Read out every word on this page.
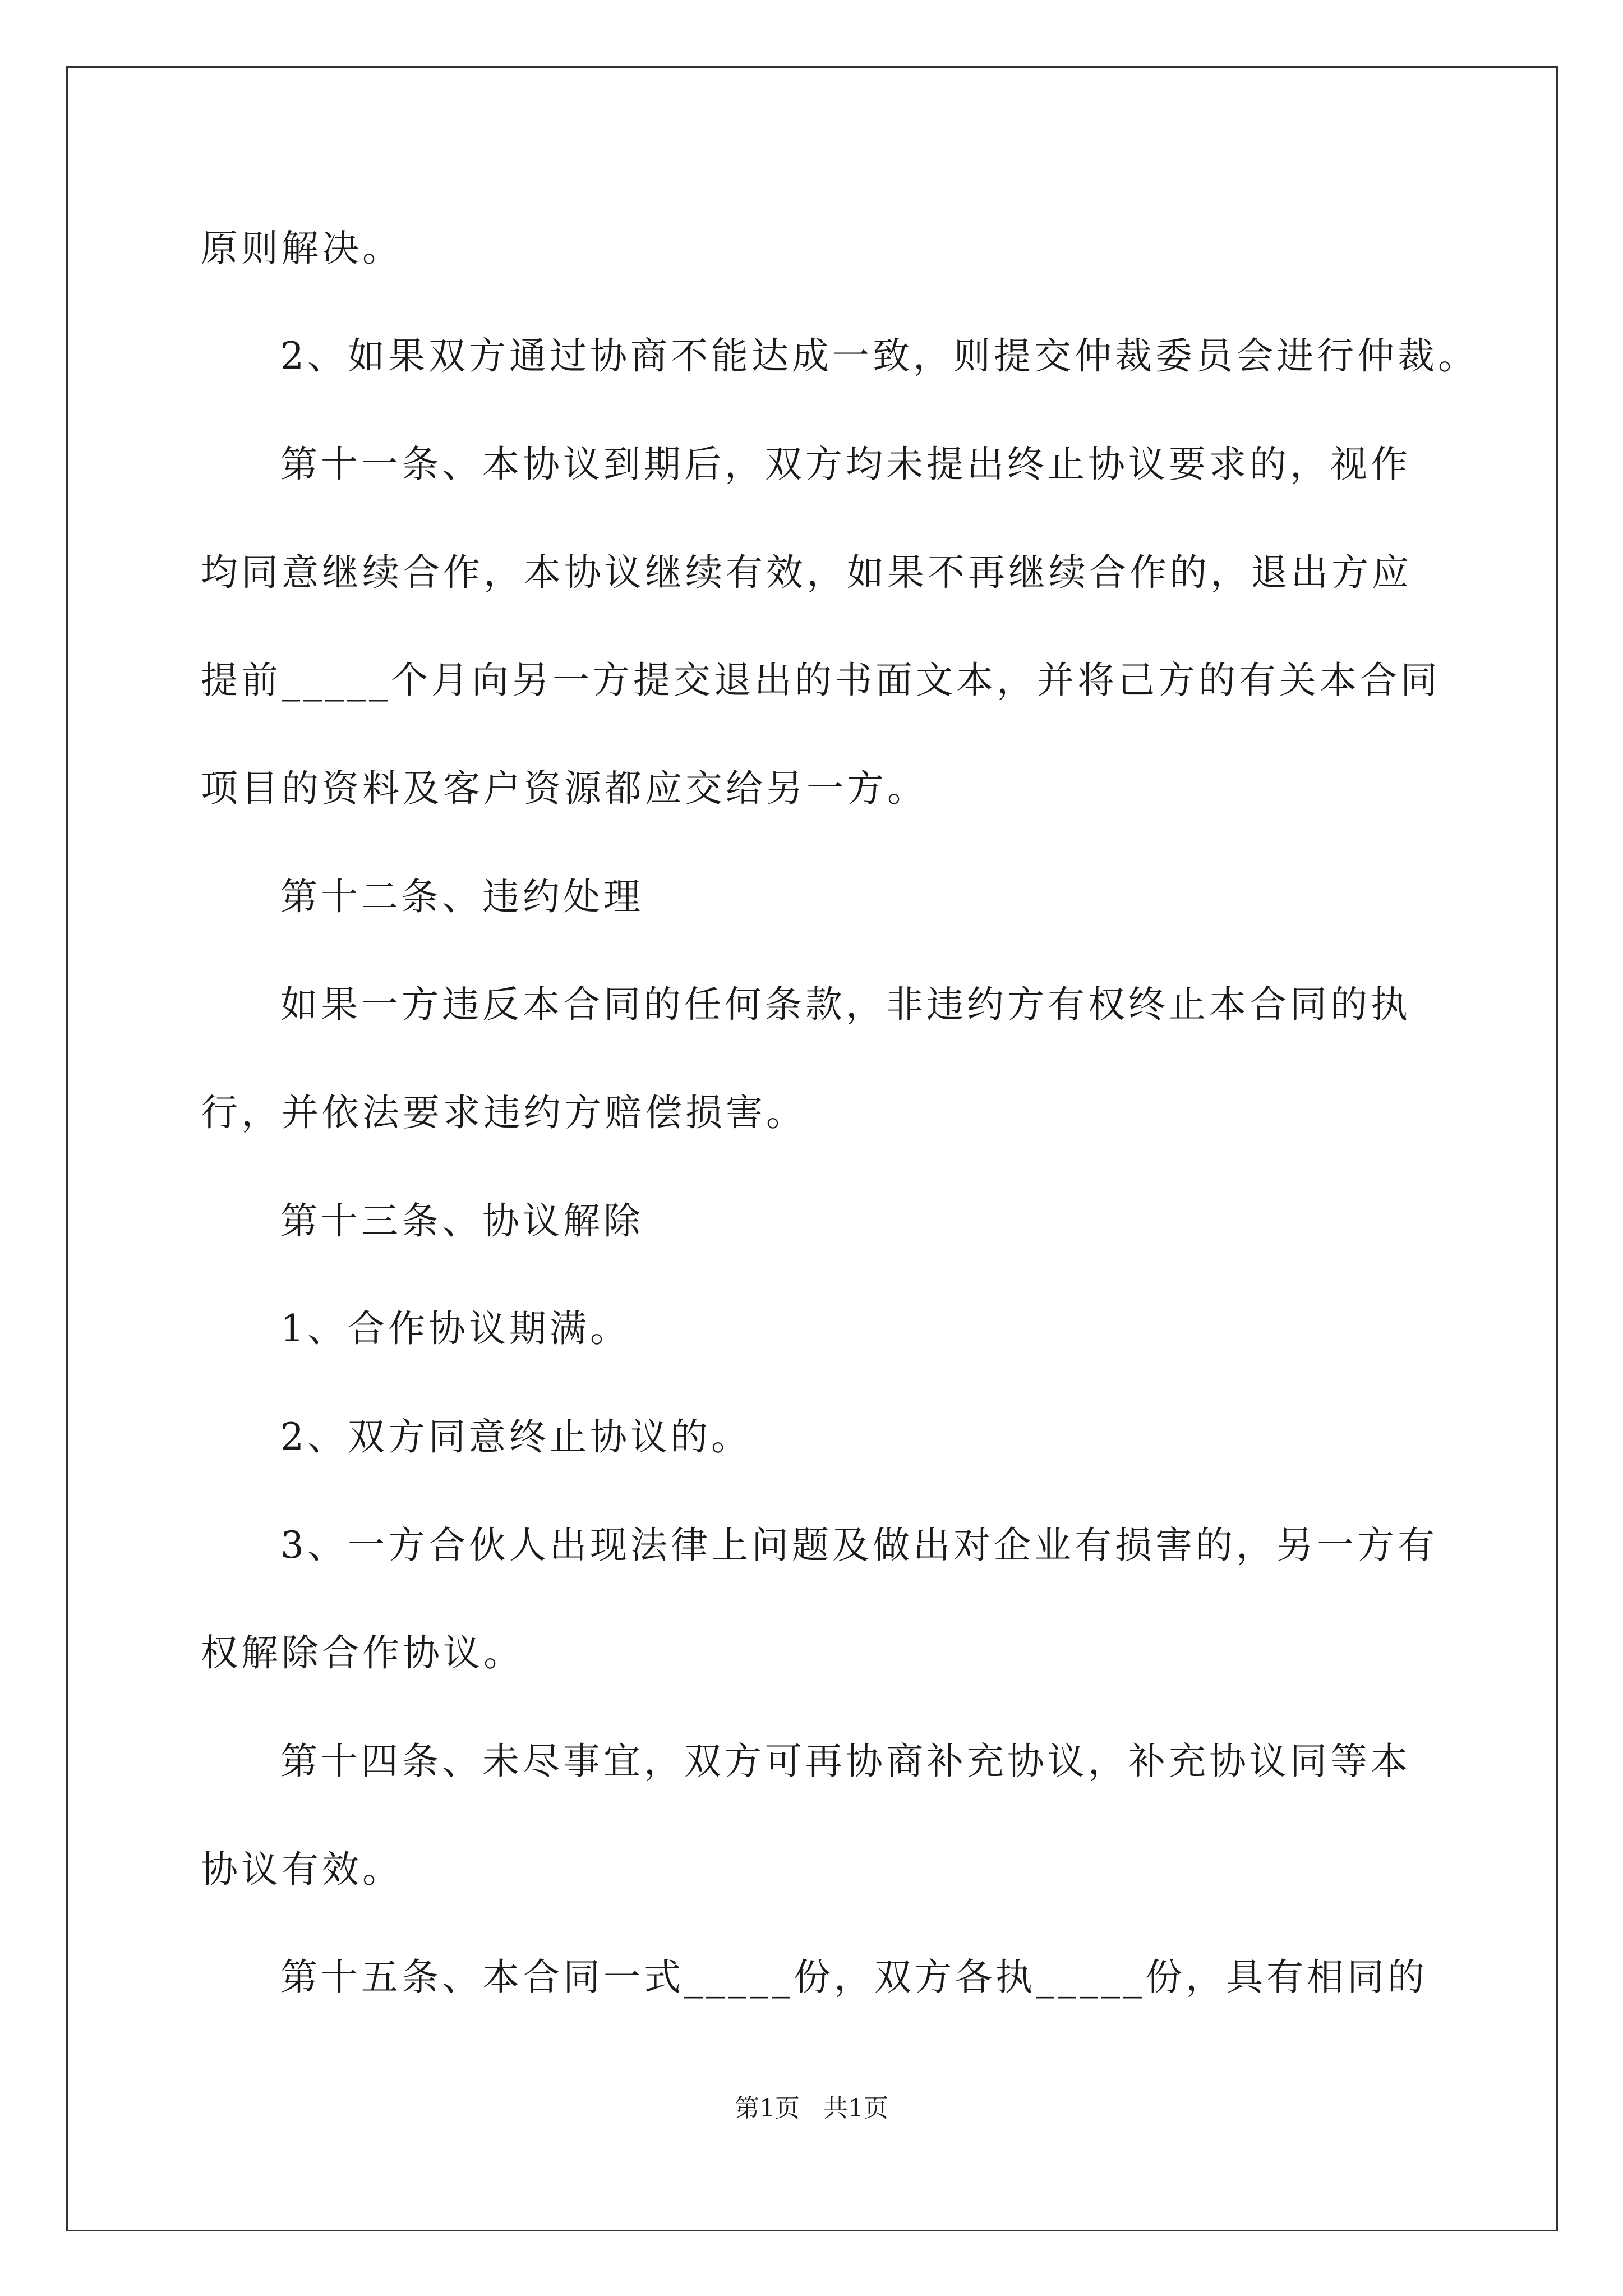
原则解决。

2、如果双方通过协商不能达成一致，则提交仲裁委员会进行仲裁。

第十一条、本协议到期后，双方均未提出终止协议要求的，视作

均同意继续合作，本协议继续有效，如果不再继续合作的，退出方应

提前_____个月向另一方提交退出的书面文本，并将己方的有关本合同

项目的资料及客户资源都应交给另一方。

第十二条、违约处理

如果一方违反本合同的任何条款，非违约方有权终止本合同的执

行，并依法要求违约方赔偿损害。

第十三条、协议解除

1、合作协议期满。

2、双方同意终止协议的。

3、一方合伙人出现法律上问题及做出对企业有损害的，另一方有

权解除合作协议。

第十四条、未尽事宜，双方可再协商补充协议，补充协议同等本

协议有效。

第十五条、本合同一式_____份，双方各执_____份，具有相同的

第1页   共1页
